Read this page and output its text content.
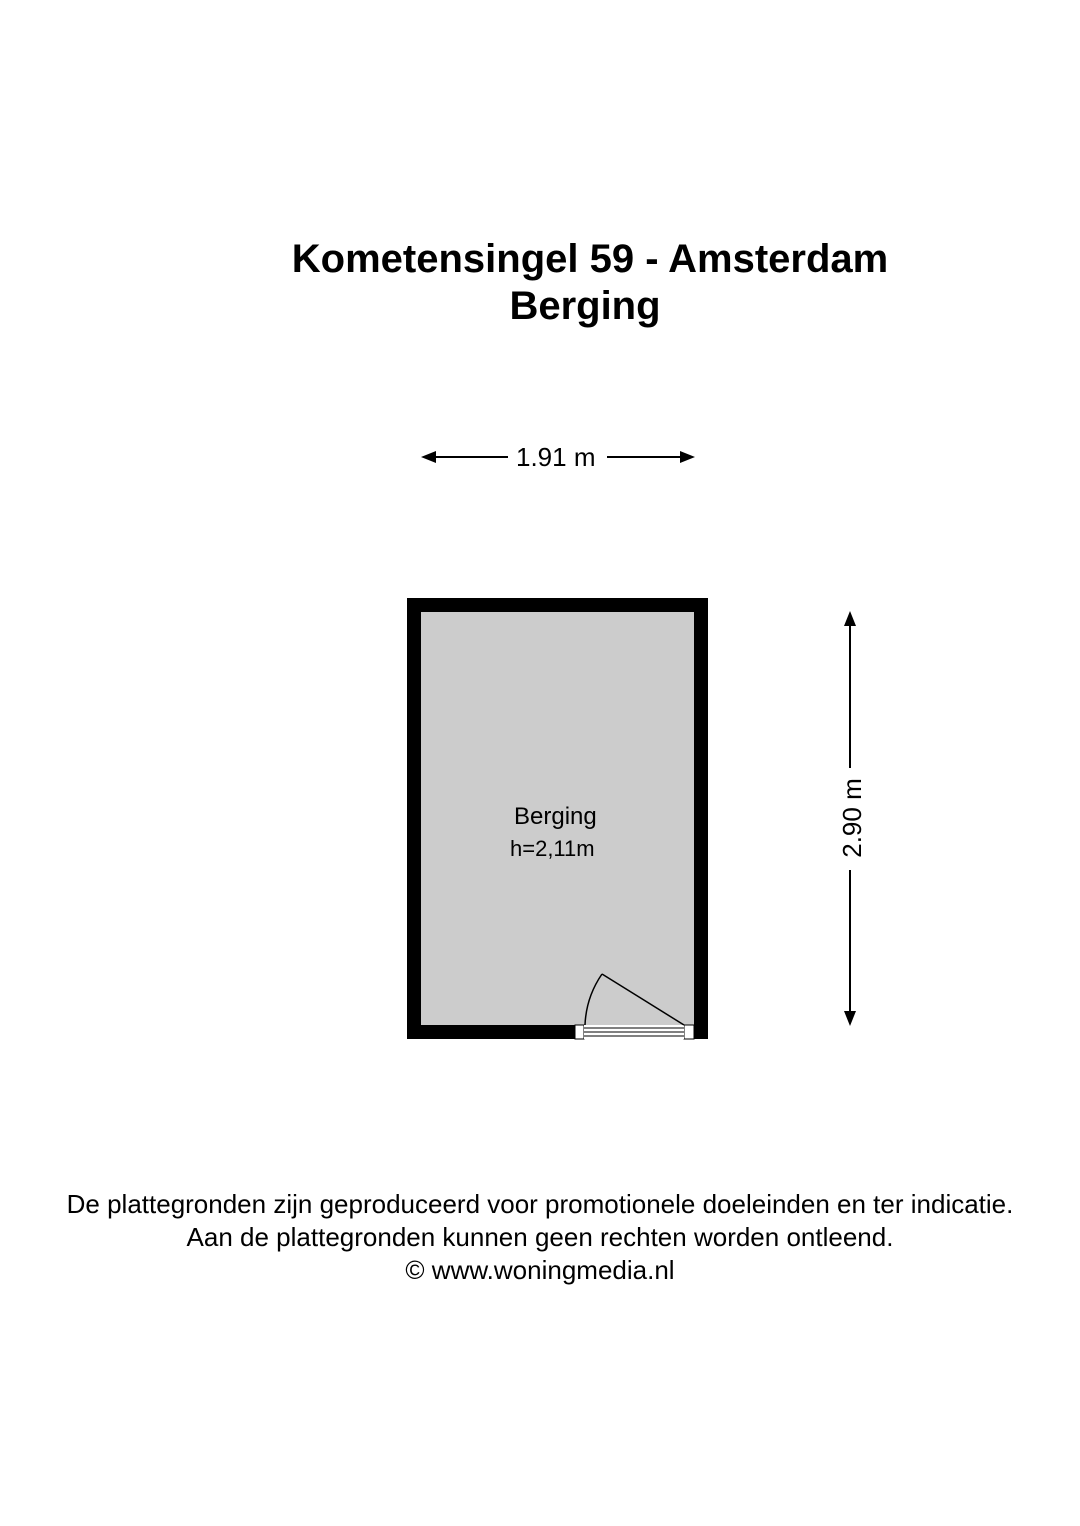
Kometensingel 59 - Amsterdam
Berging
1.91 m
2.90 m
Berging
h=2,11m

De plattegronden zijn geproduceerd voor promotionele doeleinden en ter indicatie.

Aan de plattegronden kunnen geen rechten worden ontleend.

© www.woningmedia.nl
